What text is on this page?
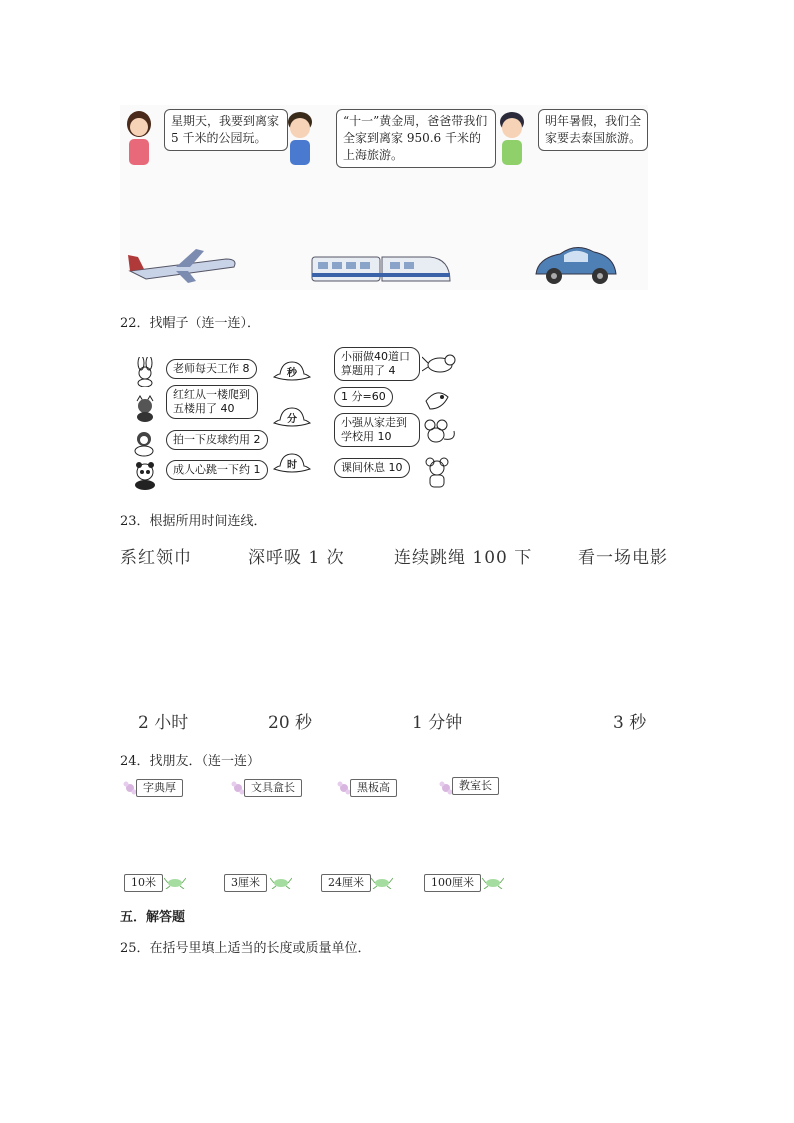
星期天，我要到离家 5 千米的公园玩。
“十一”黄金周，爸爸带我们全家到离家 950.6 千米的上海旅游。
明年暑假，我们全家要去泰国旅游。
22．找帽子（连一连）．
老师每天工作 8
红红从一楼爬到五楼用了 40
拍一下皮球约用 2
成人心跳一下约 1
秒
分
时
小丽做40道口算题用了 4
1 分=60
小强从家走到学校用 10
课间休息 10
23．根据所用时间连线．
系红领巾	深呼吸 1 次	连续跳绳 100 下	看一场电影
2 小时	20 秒	1 分钟	3 秒
24．找朋友．（连一连）
字典厚	文具盒长	黑板高	教室长
10米	3厘米	24厘米	100厘米
五．解答题
25．在括号里填上适当的长度或质量单位．
